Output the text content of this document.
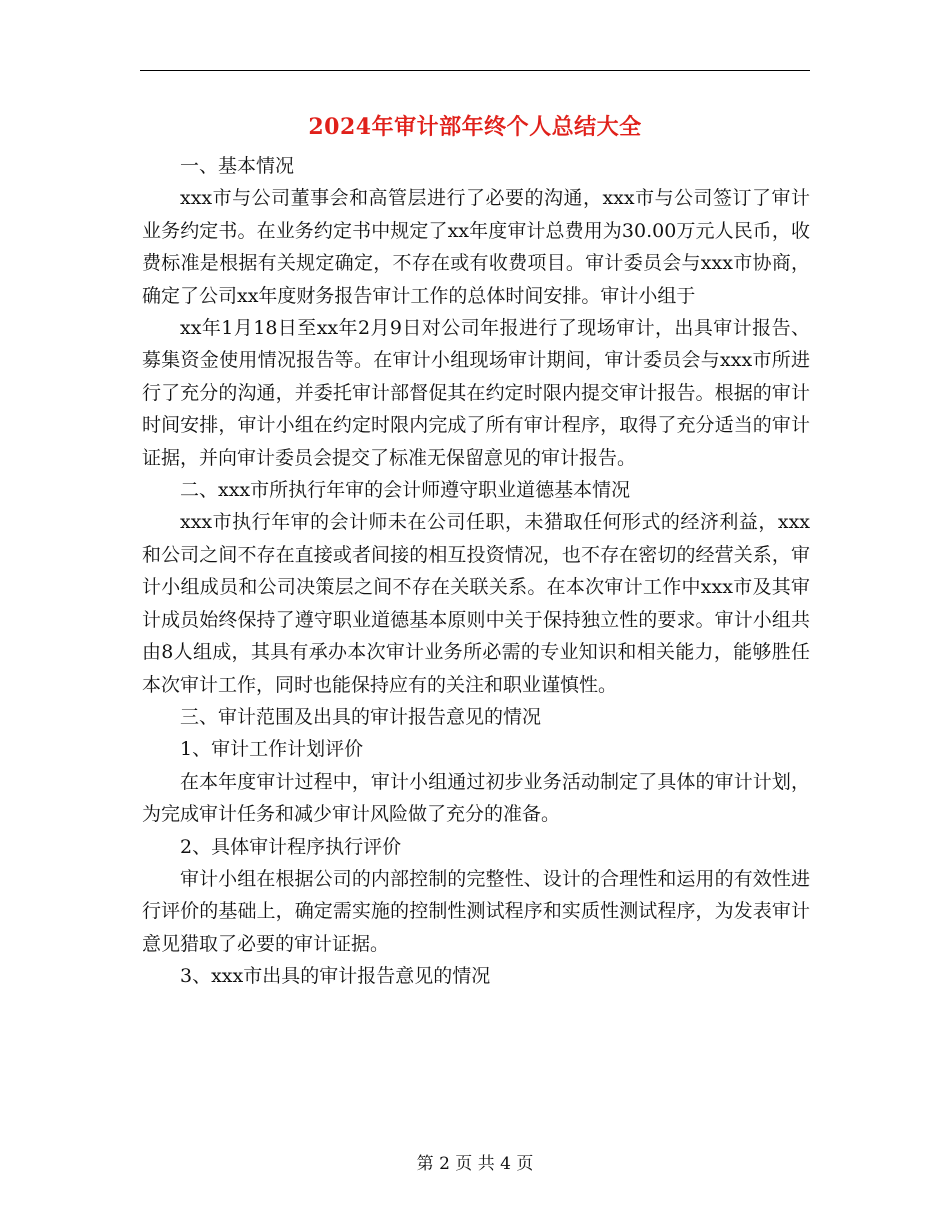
2024年审计部年终个人总结大全

一、基本情况

xxx市与公司董事会和高管层进行了必要的沟通，xxx市与公司签订了审计业务约定书。在业务约定书中规定了xx年度审计总费用为30.00万元人民币，收费标准是根据有关规定确定，不存在或有收费项目。审计委员会与xxx市协商，确定了公司xx年度财务报告审计工作的总体时间安排。审计小组于

xx年1月18日至xx年2月9日对公司年报进行了现场审计，出具审计报告、募集资金使用情况报告等。在审计小组现场审计期间，审计委员会与xxx市所进行了充分的沟通，并委托审计部督促其在约定时限内提交审计报告。根据的审计时间安排，审计小组在约定时限内完成了所有审计程序，取得了充分适当的审计证据，并向审计委员会提交了标准无保留意见的审计报告。

二、xxx市所执行年审的会计师遵守职业道德基本情况

xxx市执行年审的会计师未在公司任职，未猎取任何形式的经济利益，xxx和公司之间不存在直接或者间接的相互投资情况，也不存在密切的经营关系，审计小组成员和公司决策层之间不存在关联关系。在本次审计工作中xxx市及其审计成员始终保持了遵守职业道德基本原则中关于保持独立性的要求。审计小组共由8人组成，其具有承办本次审计业务所必需的专业知识和相关能力，能够胜任本次审计工作，同时也能保持应有的关注和职业谨慎性。

三、审计范围及出具的审计报告意见的情况

1、审计工作计划评价

在本年度审计过程中，审计小组通过初步业务活动制定了具体的审计计划，为完成审计任务和减少审计风险做了充分的准备。

2、具体审计程序执行评价

审计小组在根据公司的内部控制的完整性、设计的合理性和运用的有效性进行评价的基础上，确定需实施的控制性测试程序和实质性测试程序，为发表审计意见猎取了必要的审计证据。

3、xxx市出具的审计报告意见的情况

第 2 页 共 4 页
